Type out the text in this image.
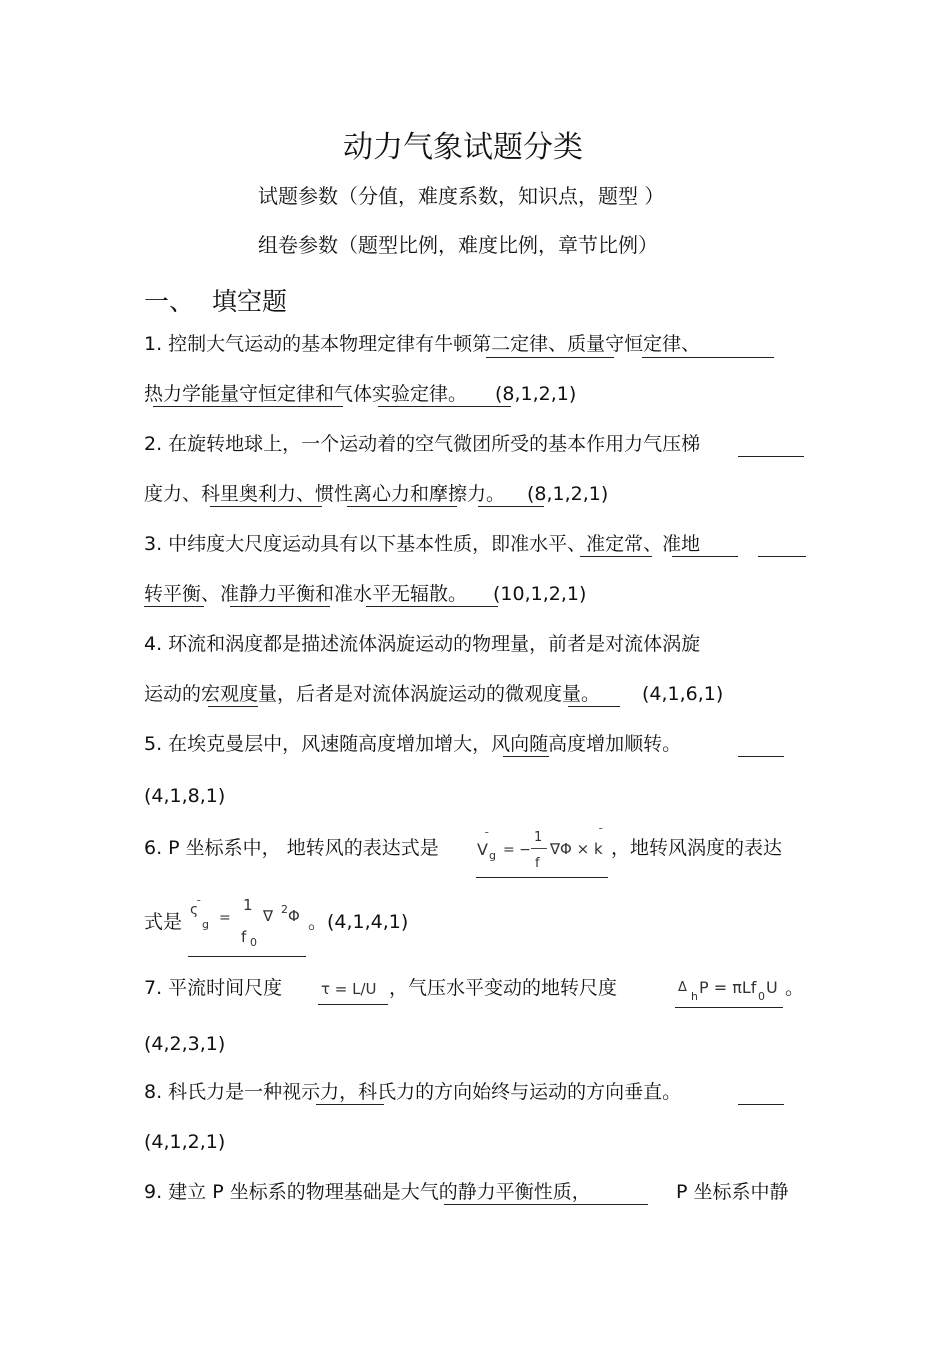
动力气象试题分类
试题参数（分值，难度系数，知识点，题型 ）
组卷参数（题型比例，难度比例，章节比例）
一、 填空题
1. 控制大气运动的基本物理定律有牛顿第二定律、质量守恒定律、
热力学能量守恒定律和气体实验定律。 (8,1,2,1)
2. 在旋转地球上，一个运动着的空气微团所受的基本作用力气压梯
度力、科里奥利力、惯性离心力和摩擦力。 (8,1,2,1)
3. 中纬度大尺度运动具有以下基本性质，即准水平、准定常、准地
转平衡、准静力平衡和准水平无辐散。 (10,1,2,1)
4. 环流和涡度都是描述流体涡旋运动的物理量，前者是对流体涡旋
运动的宏观度量，后者是对流体涡旋运动的微观度量。 (4,1,6,1)
5. 在埃克曼层中，风速随高度增加增大，风向随高度增加顺转。
(4,1,8,1)
6. P 坐标系中， 地转风的表达式是
¯
V g = −
1
f
∇Φ × k
¯
，地转风涡度的表达
式是
¯
ς
g =
1
f 0
∇ 2 Φ 。(4,1,4,1)
7. 平流时间尺度	τ = L/U ，气压水平变动的地转尺度	Δ
h P = πLf 0 U 。
(4,2,3,1)
8. 科氏力是一种视示力，科氏力的方向始终与运动的方向垂直。
(4,1,2,1)
9. 建立 P 坐标系的物理基础是大气的静力平衡性质，	P 坐标系中静
